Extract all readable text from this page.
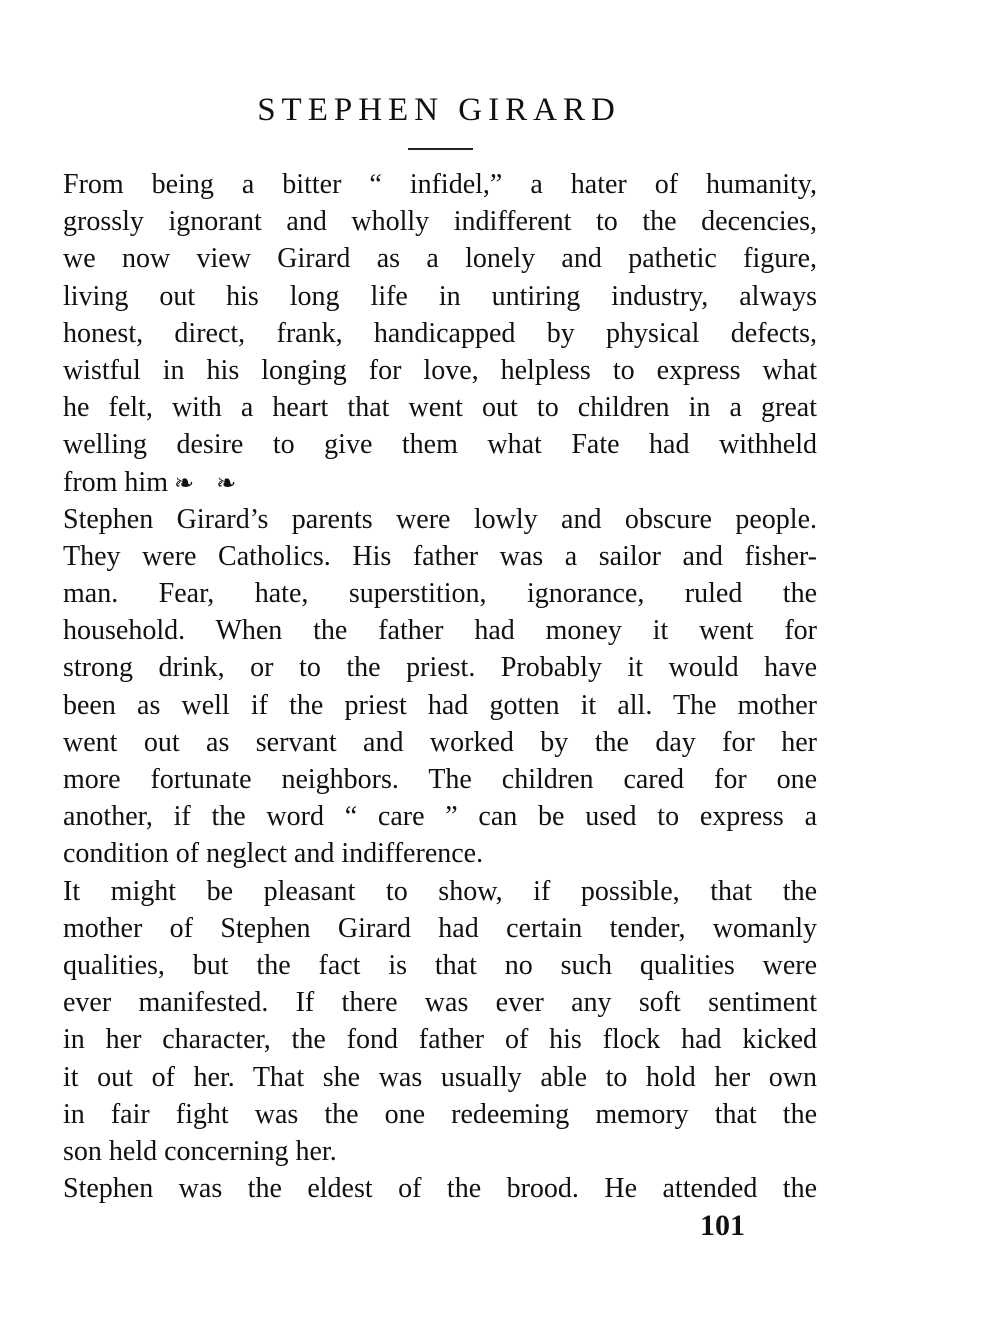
STEPHEN GIRARD
From being a bitter “ infidel,” a hater of humanity,
grossly ignorant and wholly indifferent to the decencies,
we now view Girard as a lonely and pathetic figure,
living out his long life in untiring industry, always
honest, direct, frank, handicapped by physical defects,
wistful in his longing for love, helpless to express what
he felt, with a heart that went out to children in a great
welling desire to give them what Fate had withheld
from him ❧ ❧
Stephen Girard’s parents were lowly and obscure people.
They were Catholics. His father was a sailor and fisher-
man. Fear, hate, superstition, ignorance, ruled the
household. When the father had money it went for
strong drink, or to the priest. Probably it would have
been as well if the priest had gotten it all. The mother
went out as servant and worked by the day for her
more fortunate neighbors. The children cared for one
another, if the word “ care ” can be used to express a
condition of neglect and indifference.
It might be pleasant to show, if possible, that the
mother of Stephen Girard had certain tender, womanly
qualities, but the fact is that no such qualities were
ever manifested. If there was ever any soft sentiment
in her character, the fond father of his flock had kicked
it out of her. That she was usually able to hold her own
in fair fight was the one redeeming memory that the
son held concerning her.
Stephen was the eldest of the brood. He attended the
101
